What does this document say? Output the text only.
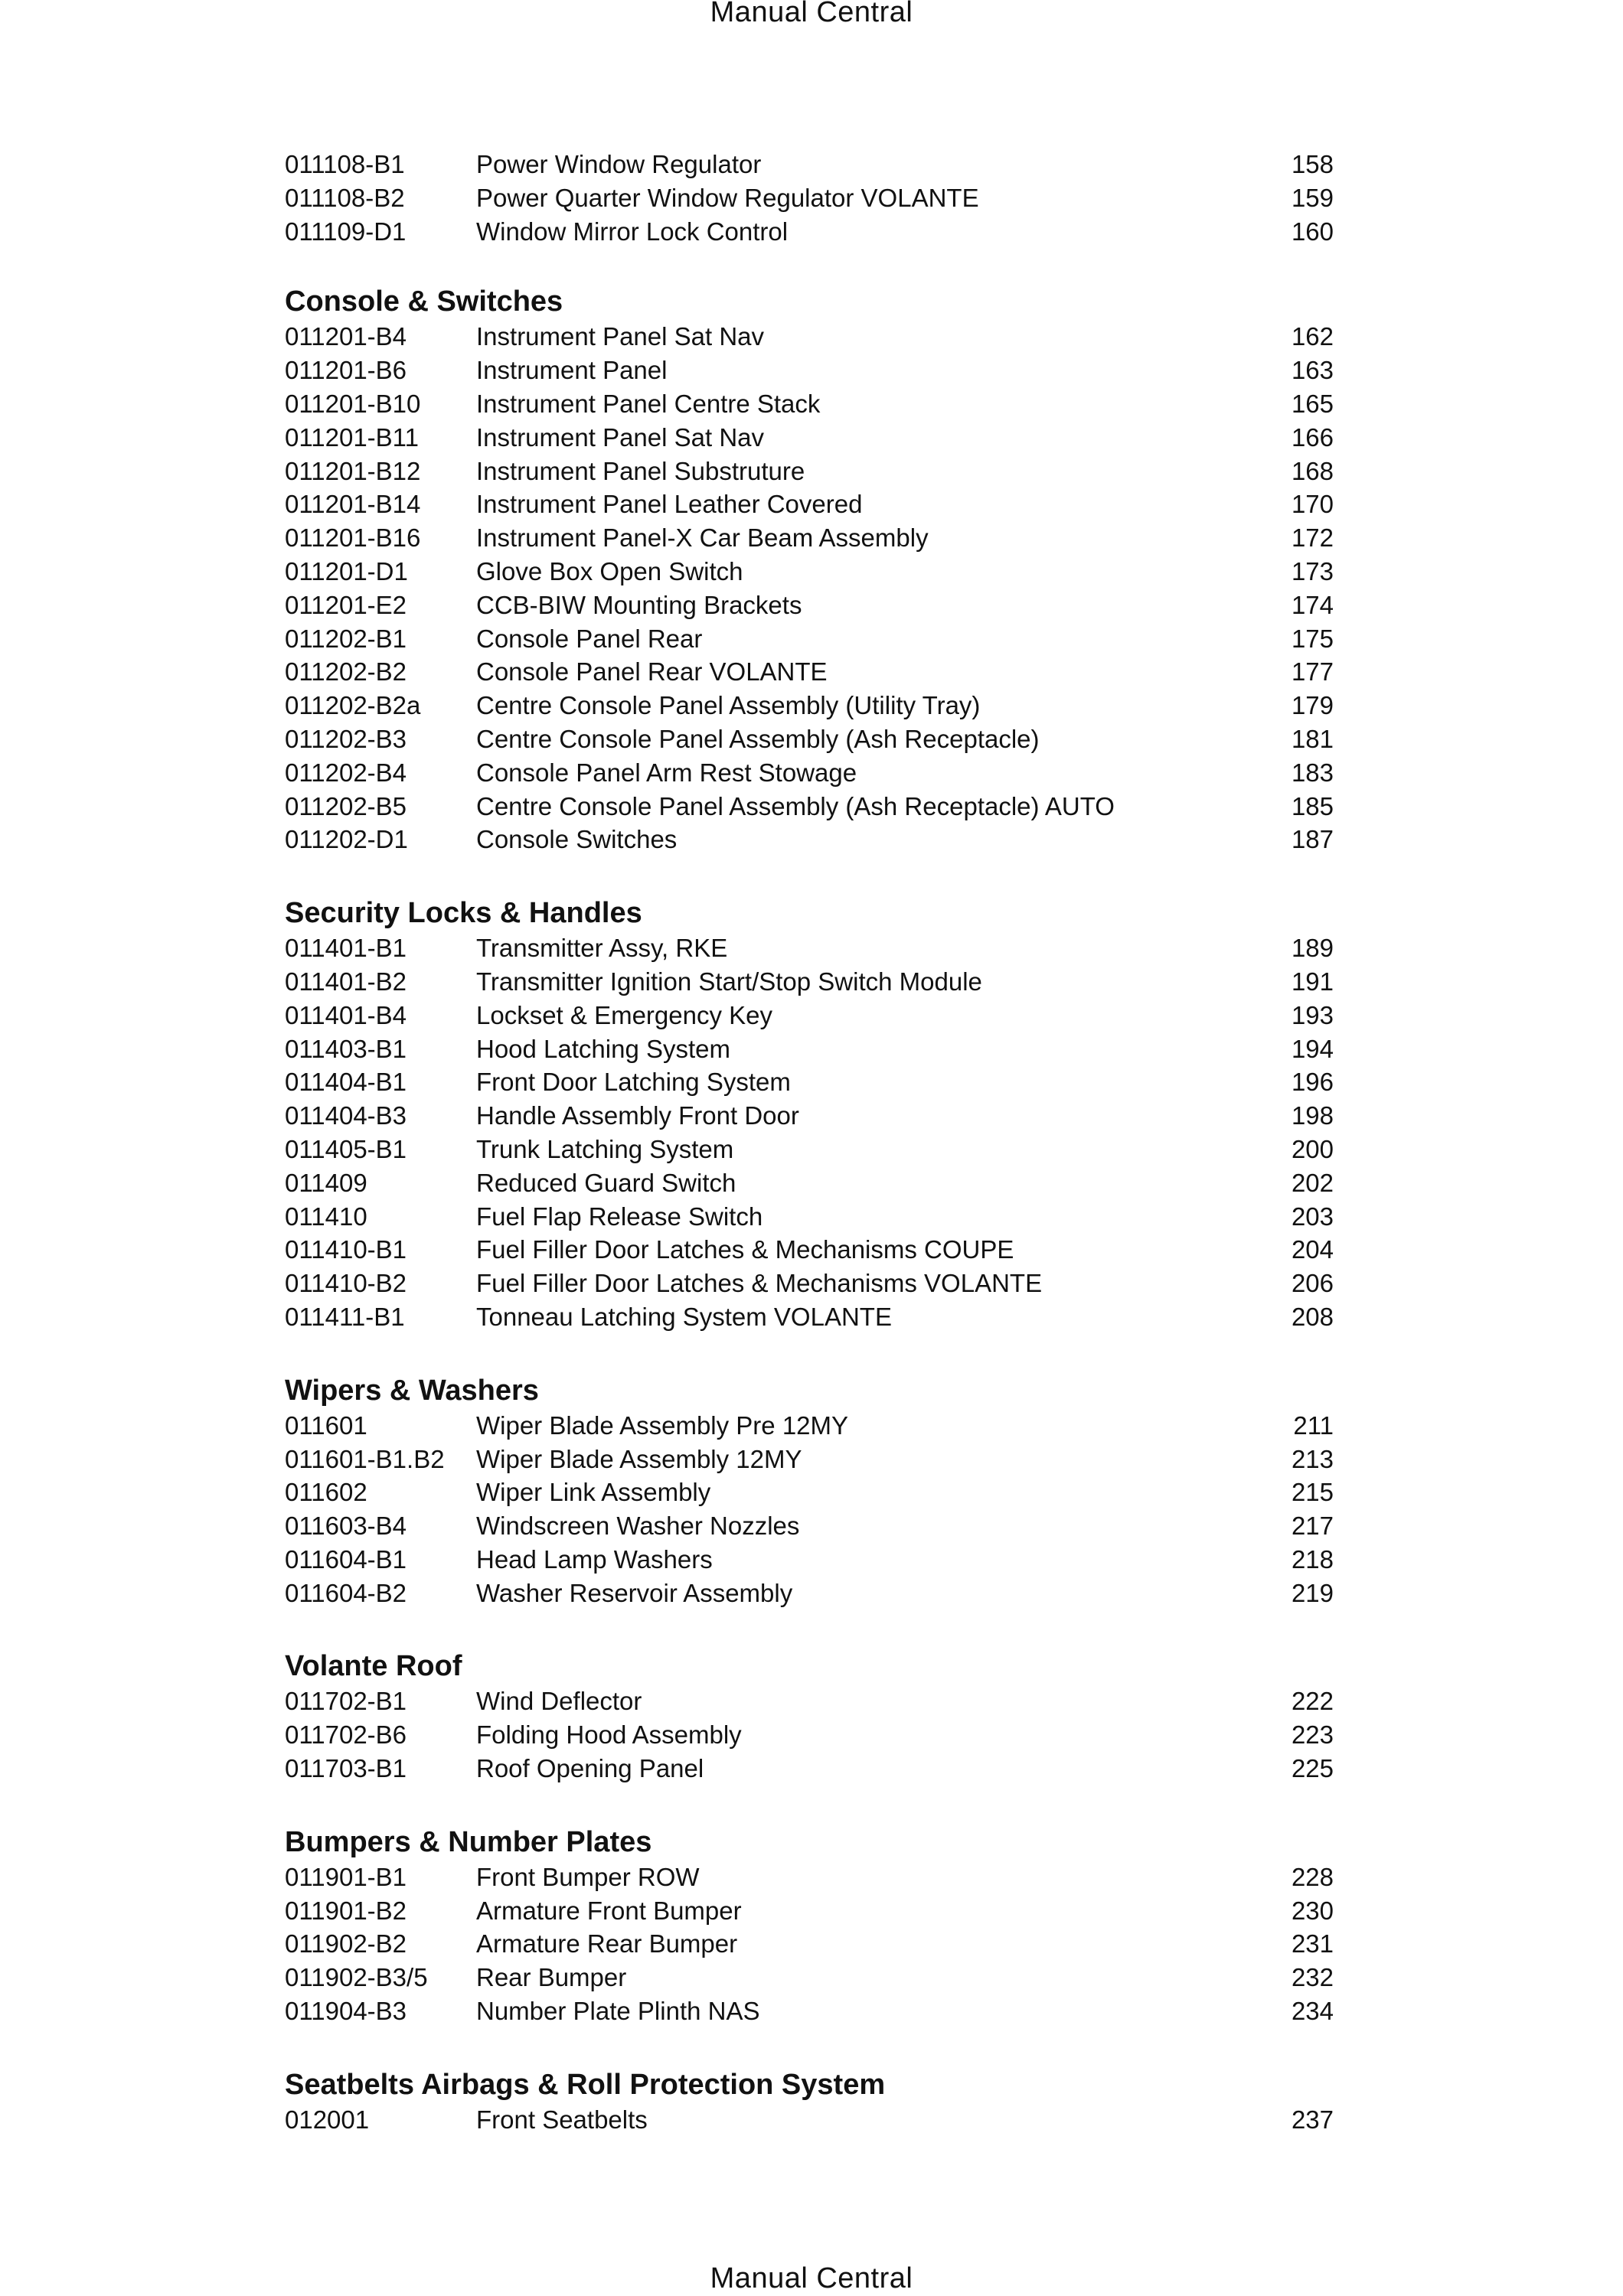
Manual Central
011108-B1	Power Window Regulator	158
011108-B2	Power Quarter Window Regulator VOLANTE	159
011109-D1	Window Mirror Lock Control	160
Console & Switches
011201-B4	Instrument Panel Sat Nav	162
011201-B6	Instrument Panel	163
011201-B10	Instrument Panel Centre Stack	165
011201-B11	Instrument Panel Sat Nav	166
011201-B12	Instrument Panel Substruture	168
011201-B14	Instrument Panel Leather Covered	170
011201-B16	Instrument Panel-X Car Beam Assembly	172
011201-D1	Glove Box Open Switch	173
011201-E2	CCB-BIW Mounting Brackets	174
011202-B1	Console Panel Rear	175
011202-B2	Console Panel Rear VOLANTE	177
011202-B2a	Centre Console Panel Assembly (Utility Tray)	179
011202-B3	Centre Console Panel Assembly (Ash Receptacle)	181
011202-B4	Console Panel Arm Rest Stowage	183
011202-B5	Centre Console Panel Assembly (Ash Receptacle) AUTO	185
011202-D1	Console Switches	187
Security Locks & Handles
011401-B1	Transmitter Assy, RKE	189
011401-B2	Transmitter Ignition Start/Stop Switch Module	191
011401-B4	Lockset & Emergency Key	193
011403-B1	Hood Latching System	194
011404-B1	Front Door Latching System	196
011404-B3	Handle Assembly Front Door	198
011405-B1	Trunk Latching System	200
011409	Reduced Guard Switch	202
011410	Fuel Flap Release Switch	203
011410-B1	Fuel Filler Door Latches & Mechanisms COUPE	204
011410-B2	Fuel Filler Door Latches & Mechanisms VOLANTE	206
011411-B1	Tonneau Latching System VOLANTE	208
Wipers & Washers
011601	Wiper Blade Assembly Pre 12MY	211
011601-B1.B2	Wiper Blade Assembly 12MY	213
011602	Wiper Link Assembly	215
011603-B4	Windscreen Washer Nozzles	217
011604-B1	Head Lamp Washers	218
011604-B2	Washer Reservoir Assembly	219
Volante Roof
011702-B1	Wind Deflector	222
011702-B6	Folding Hood Assembly	223
011703-B1	Roof Opening Panel	225
Bumpers & Number Plates
011901-B1	Front Bumper ROW	228
011901-B2	Armature Front Bumper	230
011902-B2	Armature Rear Bumper	231
011902-B3/5	Rear Bumper	232
011904-B3	Number Plate Plinth NAS	234
Seatbelts Airbags & Roll Protection System
012001	Front Seatbelts	237
Manual Central
